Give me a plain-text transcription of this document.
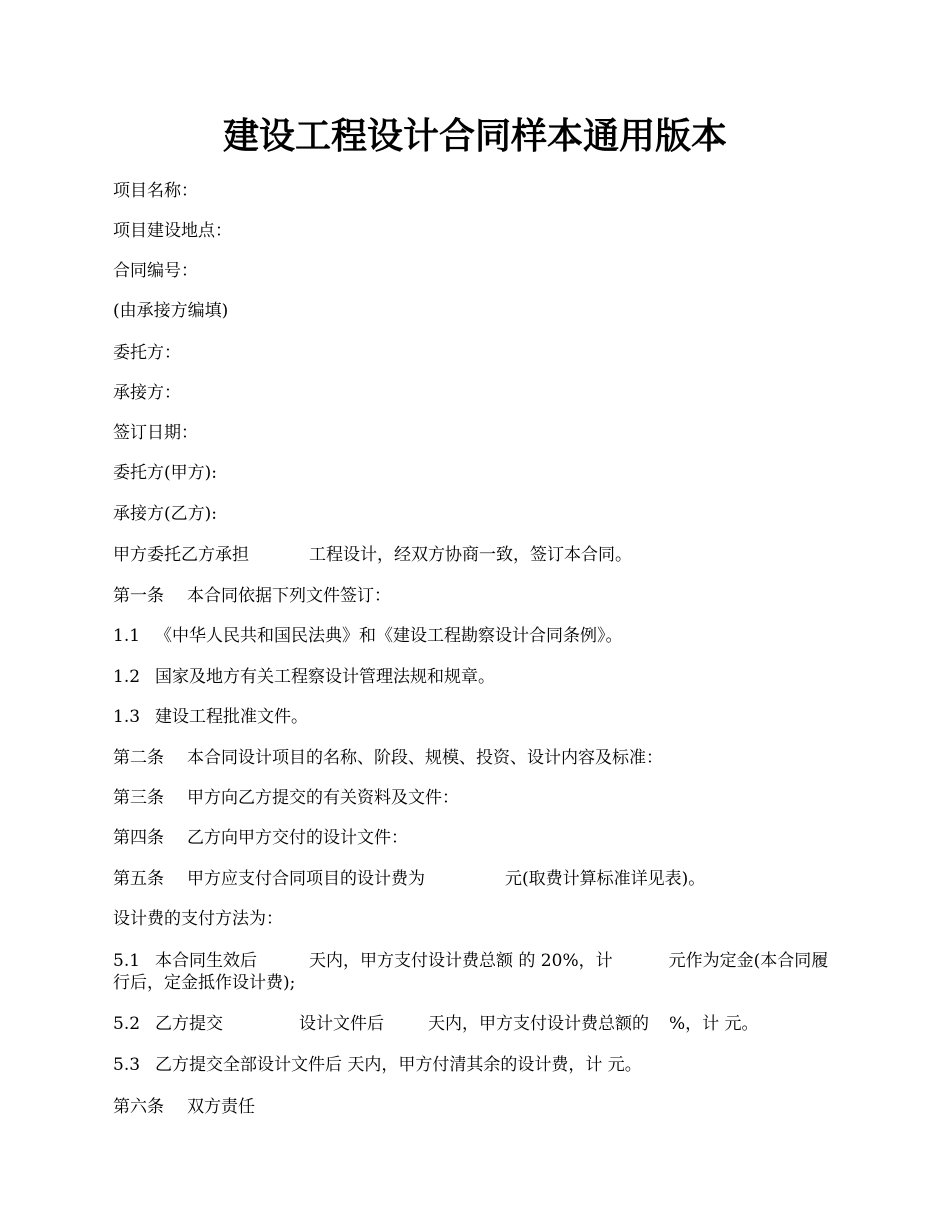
建设工程设计合同样本通用版本
项目名称：
项目建设地点：
合同编号：
(由承接方编填)
委托方：
承接方：
签订日期：
委托方(甲方):
承接方(乙方):
甲方委托乙方承担	工程设计，经双方协商一致，签订本合同。
第一条 本合同依据下列文件签订：
1.1 《中华人民共和国民法典》和《建设工程勘察设计合同条例》。
1.2 国家及地方有关工程察设计管理法规和规章。
1.3 建设工程批准文件。
第二条 本合同设计项目的名称、阶段、规模、投资、设计内容及标准：
第三条 甲方向乙方提交的有关资料及文件：
第四条 乙方向甲方交付的设计文件：
第五条 甲方应支付合同项目的设计费为	元(取费计算标准详见表)。
设计费的支付方法为：
5.1 本合同生效后	天内，甲方支付设计费总额 的 20%，计	元作为定金(本合同履行后，定金抵作设计费);
5.2 乙方提交	设计文件后	天内，甲方支付设计费总额的 %，计 元。
5.3 乙方提交全部设计文件后 天内，甲方付清其余的设计费，计 元。
第六条 双方责任
